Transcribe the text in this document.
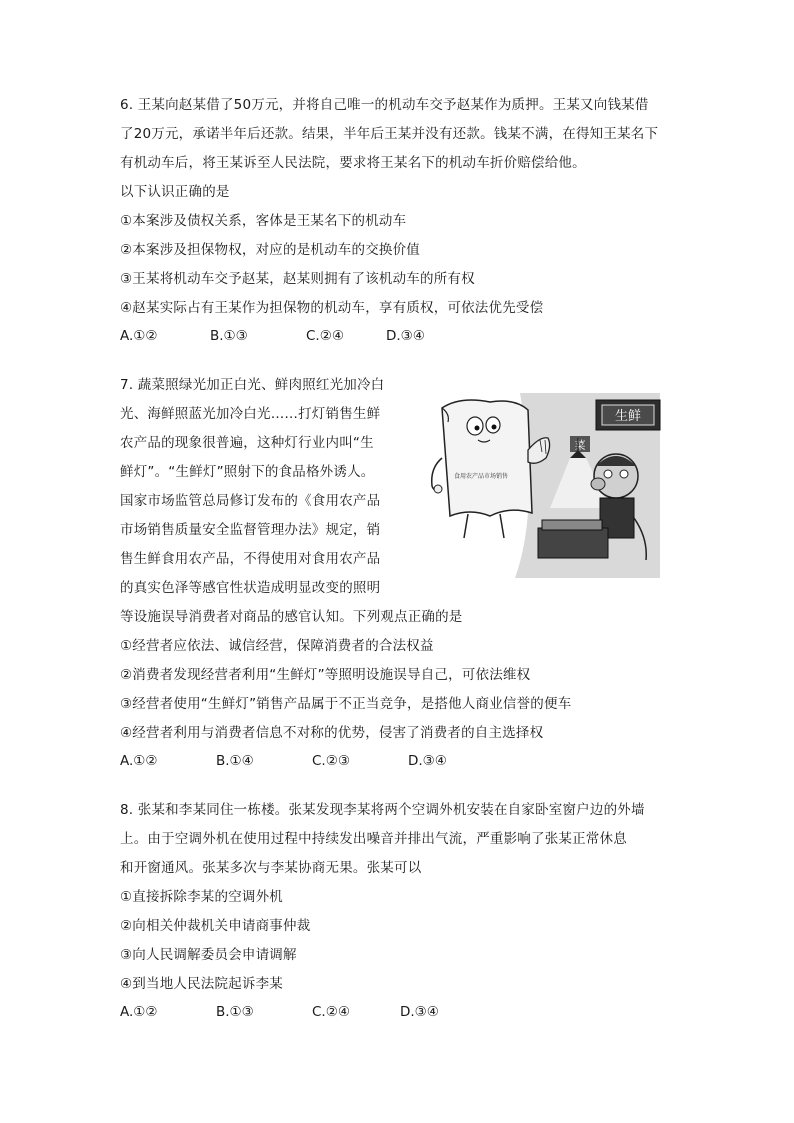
6. 王某向赵某借了50万元，并将自己唯一的机动车交予赵某作为质押。王某又向钱某借
了20万元，承诺半年后还款。结果，半年后王某并没有还款。钱某不满，在得知王某名下
有机动车后，将王某诉至人民法院，要求将王某名下的机动车折价赔偿给他。
以下认识正确的是
①本案涉及债权关系，客体是王某名下的机动车
②本案涉及担保物权，对应的是机动车的交换价值
③王某将机动车交予赵某，赵某则拥有了该机动车的所有权
④赵某实际占有王某作为担保物的机动车，享有质权，可依法优先受偿
A.①②	B.①③	C.②④	D.③④
7. 蔬菜照绿光加正白光、鲜肉照红光加冷白
光、海鲜照蓝光加冷白光……打灯销售生鲜
农产品的现象很普遍，这种灯行业内叫“生
鲜灯”。“生鲜灯”照射下的食品格外诱人。
国家市场监管总局修订发布的《食用农产品
市场销售质量安全监督管理办法》规定，销
售生鲜食用农产品，不得使用对食用农产品
的真实色泽等感官性状造成明显改变的照明
等设施误导消费者对商品的感官认知。下列观点正确的是
①经营者应依法、诚信经营，保障消费者的合法权益
②消费者发现经营者利用“生鲜灯”等照明设施误导自己，可依法维权
③经营者使用“生鲜灯”销售产品属于不正当竞争，是搭他人商业信誉的便车
④经营者利用与消费者信息不对称的优势，侵害了消费者的自主选择权
A.①②	B.①④	C.②③	D.③④
生鲜
菜
食用农产品市场销售
8. 张某和李某同住一栋楼。张某发现李某将两个空调外机安装在自家卧室窗户边的外墙
上。由于空调外机在使用过程中持续发出噪音并排出气流，严重影响了张某正常休息
和开窗通风。张某多次与李某协商无果。张某可以
①直接拆除李某的空调外机
②向相关仲裁机关申请商事仲裁
③向人民调解委员会申请调解
④到当地人民法院起诉李某
A.①②	B.①③	C.②④	D.③④
